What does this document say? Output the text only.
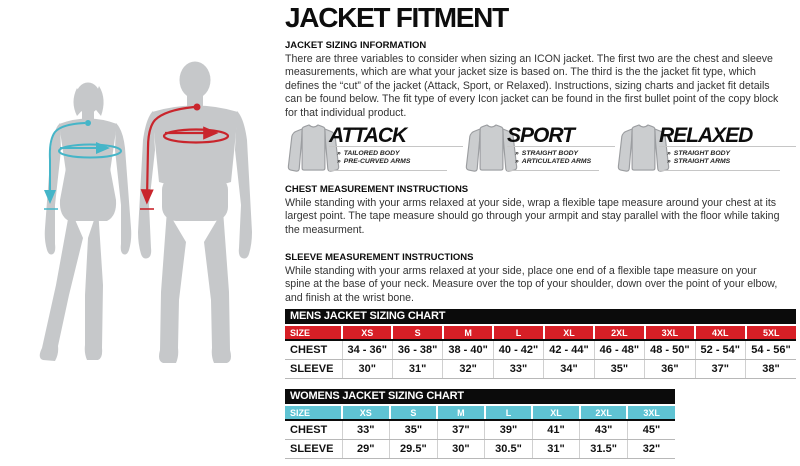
JACKET FITMENT
JACKET SIZING INFORMATION

There are three variables to consider when sizing an ICON jacket. The first two are the chest and sleeve measurements, which are what your jacket size is based on. The third is the the jacket fit type, which defines the “cut” of the jacket (Attack, Sport, or Relaxed). Instructions, sizing charts and jacket fit details can be found below. The fit type of every Icon jacket can be found in the first bullet point of the copy block for that individual product.

ATTACK
» TAILORED BODY
» PRE-CURVED ARMS
SPORT
» STRAIGHT BODY
» ARTICULATED ARMS
RELAXED
» STRAIGHT BODY
» STRAIGHT ARMS
CHEST MEASUREMENT INSTRUCTIONS

While standing with your arms relaxed at your side, wrap a flexible tape measure around your chest at its largest point. The tape measure should go through your armpit and stay parallel with the floor while taking the measurment.

SLEEVE MEASUREMENT INSTRUCTIONS

While standing with your arms relaxed at your side, place one end of a flexible tape measure on your spine at the base of your neck. Measure over the top of your shoulder, down over the point of your elbow, and finish at the wrist bone.

MENS JACKET SIZING CHART
SIZE	XS	S	M	L	XL	2XL	3XL	4XL	5XL
CHEST	34 - 36"	36 - 38"	38 - 40"	40 - 42"	42 - 44"	46 - 48"	48 - 50"	52 - 54"	54 - 56"
SLEEVE	30"	31"	32"	33"	34"	35"	36"	37"	38"
WOMENS JACKET SIZING CHART
SIZE	XS	S	M	L	XL	2XL	3XL
CHEST	33"	35"	37"	39"	41"	43"	45"
SLEEVE	29"	29.5"	30"	30.5"	31"	31.5"	32"
